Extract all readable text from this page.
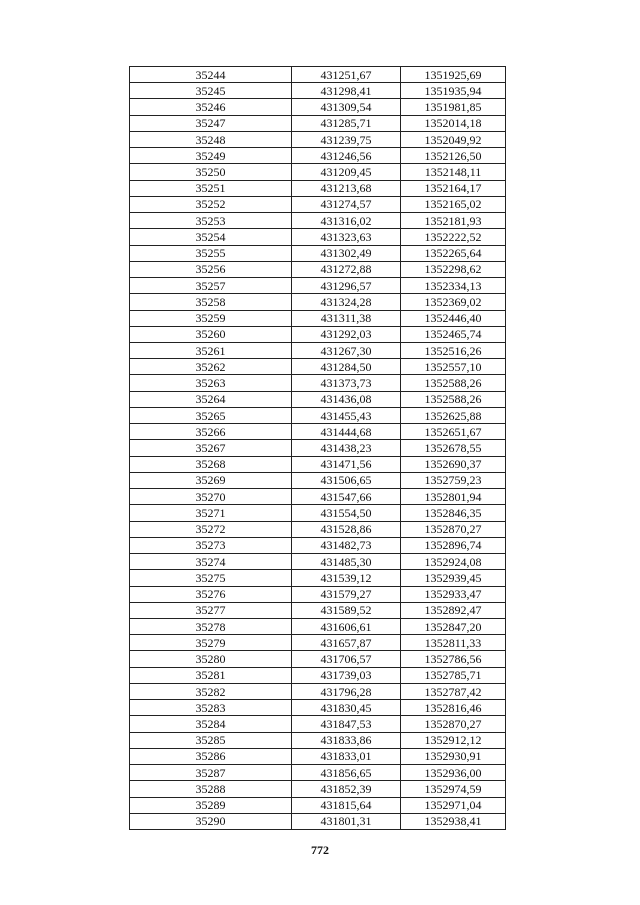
35244	431251,67	1351925,69
35245	431298,41	1351935,94
35246	431309,54	1351981,85
35247	431285,71	1352014,18
35248	431239,75	1352049,92
35249	431246,56	1352126,50
35250	431209,45	1352148,11
35251	431213,68	1352164,17
35252	431274,57	1352165,02
35253	431316,02	1352181,93
35254	431323,63	1352222,52
35255	431302,49	1352265,64
35256	431272,88	1352298,62
35257	431296,57	1352334,13
35258	431324,28	1352369,02
35259	431311,38	1352446,40
35260	431292,03	1352465,74
35261	431267,30	1352516,26
35262	431284,50	1352557,10
35263	431373,73	1352588,26
35264	431436,08	1352588,26
35265	431455,43	1352625,88
35266	431444,68	1352651,67
35267	431438,23	1352678,55
35268	431471,56	1352690,37
35269	431506,65	1352759,23
35270	431547,66	1352801,94
35271	431554,50	1352846,35
35272	431528,86	1352870,27
35273	431482,73	1352896,74
35274	431485,30	1352924,08
35275	431539,12	1352939,45
35276	431579,27	1352933,47
35277	431589,52	1352892,47
35278	431606,61	1352847,20
35279	431657,87	1352811,33
35280	431706,57	1352786,56
35281	431739,03	1352785,71
35282	431796,28	1352787,42
35283	431830,45	1352816,46
35284	431847,53	1352870,27
35285	431833,86	1352912,12
35286	431833,01	1352930,91
35287	431856,65	1352936,00
35288	431852,39	1352974,59
35289	431815,64	1352971,04
35290	431801,31	1352938,41
772
